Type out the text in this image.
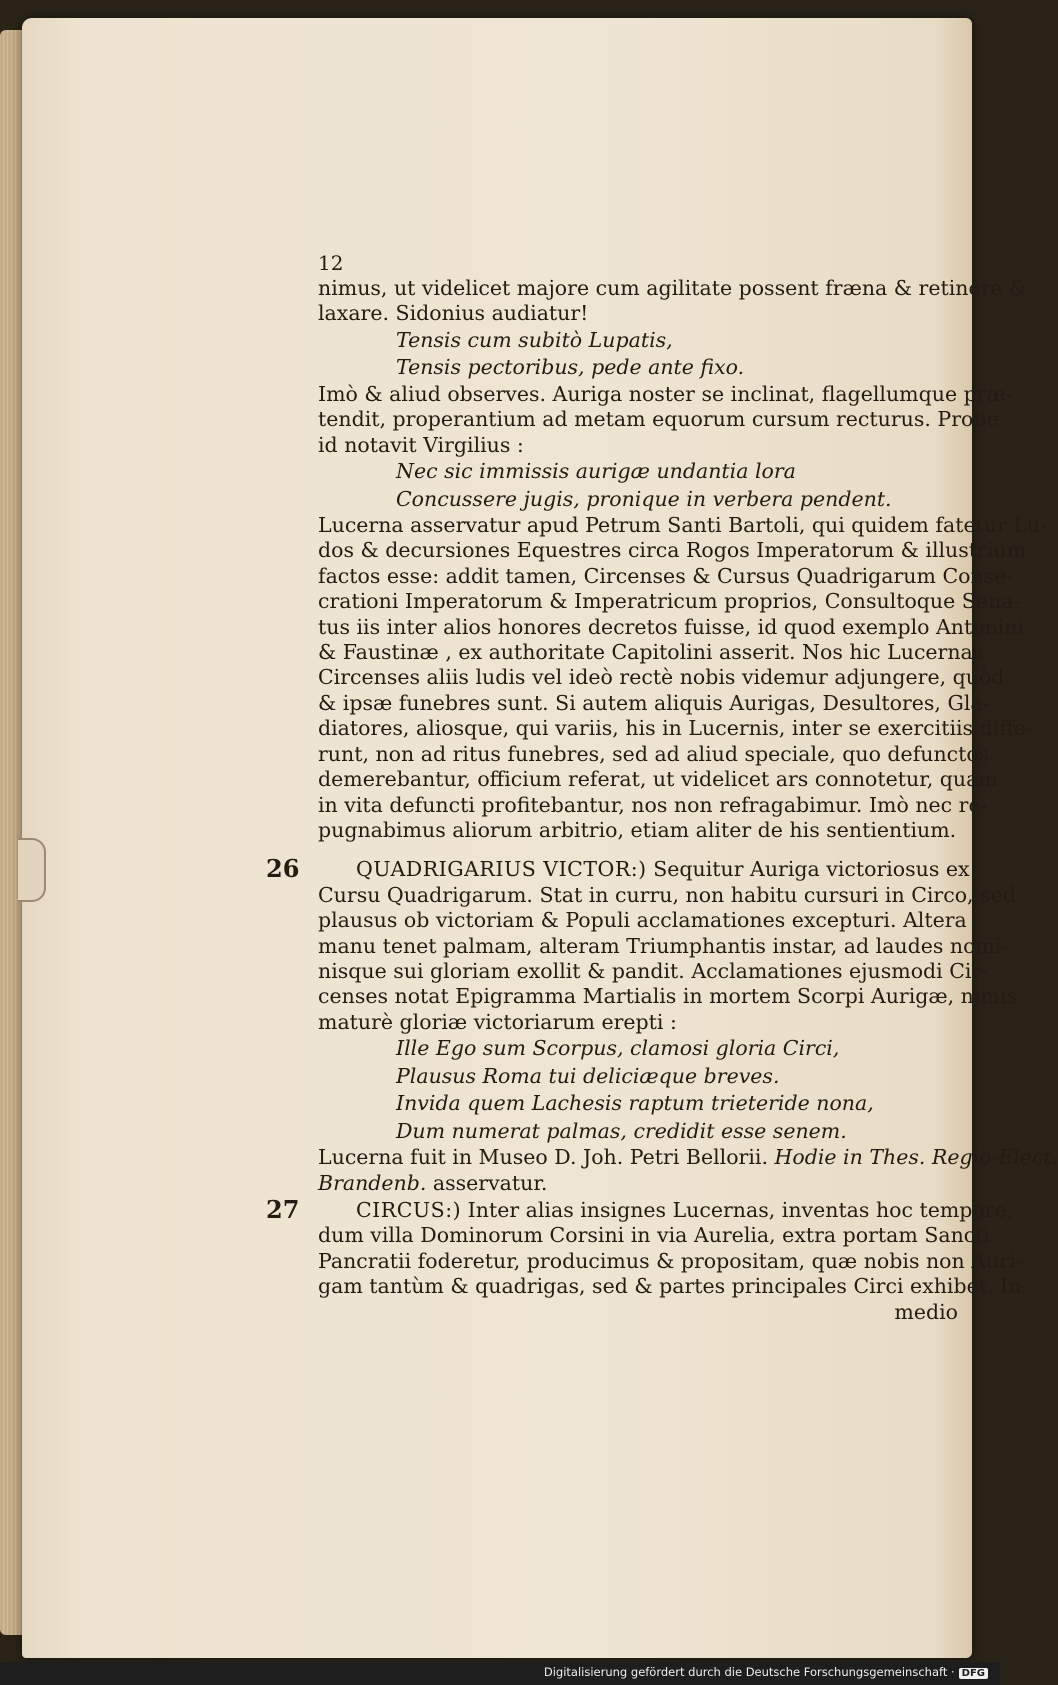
12
nimus, ut videlicet majore cum agilitate possent fræna & retinere &
laxare. Sidonius audiatur!
Tensis cum subitò Lupatis,
Tensis pectoribus, pede ante fixo.
Imò & aliud observes. Auriga noster se inclinat, flagellumque præ-
tendit, properantium ad metam equorum cursum recturus. Probe
id notavit Virgilius :
Nec sic immissis aurigæ undantia lora
Concussere jugis, pronique in verbera pendent.
Lucerna asservatur apud Petrum Santi Bartoli, qui quidem fatetur Lu-
dos & decursiones Equestres circa Rogos Imperatorum & illustrium
factos esse: addit tamen, Circenses & Cursus Quadrigarum Conse-
crationi Imperatorum & Imperatricum proprios, Consultoque Sena-
tus iis inter alios honores decretos fuisse, id quod exemplo Antonini
& Faustinæ , ex authoritate Capitolini asserit. Nos hic Lucernas
Circenses aliis ludis vel ideò rectè nobis videmur adjungere, quòd
& ipsæ funebres sunt. Si autem aliquis Aurigas, Desultores, Gla-
diatores, aliosque, qui variis, his in Lucernis, inter se exercitiis diffe-
runt, non ad ritus funebres, sed ad aliud speciale, quo defunctos
demerebantur, officium referat, ut videlicet ars connotetur, quam
in vita defuncti profitebantur, nos non refragabimur. Imò nec re-
pugnabimus aliorum arbitrio, etiam aliter de his sentientium.
26	QUADRIGARIUS VICTOR:) Sequitur Auriga victoriosus ex
Cursu Quadrigarum. Stat in curru, non habitu cursuri in Circo, sed
plausus ob victoriam & Populi acclamationes excepturi. Altera
manu tenet palmam, alteram Triumphantis instar, ad laudes nomi-
nisque sui gloriam exollit & pandit. Acclamationes ejusmodi Cir-
censes notat Epigramma Martialis in mortem Scorpi Aurigæ, nimis
maturè gloriæ victoriarum erepti :
Ille Ego sum Scorpus, clamosi gloria Circi,
Plausus Roma tui deliciæque breves.
Invida quem Lachesis raptum trieteride nona,
Dum numerat palmas, credidit esse senem.
Lucerna fuit in Museo D. Joh. Petri Bellorii. Hodie in Thes. Regio-Elect.
Brandenb. asservatur.
27	CIRCUS:) Inter alias insignes Lucernas, inventas hoc tempore,
dum villa Dominorum Corsini in via Aurelia, extra portam Sancti
Pancratii foderetur, producimus & propositam, quæ nobis non Auri-
gam tantùm & quadrigas, sed & partes principales Circi exhibet. In
medio
Digitalisierung gefördert durch die Deutsche Forschungsgemeinschaft · DFG
